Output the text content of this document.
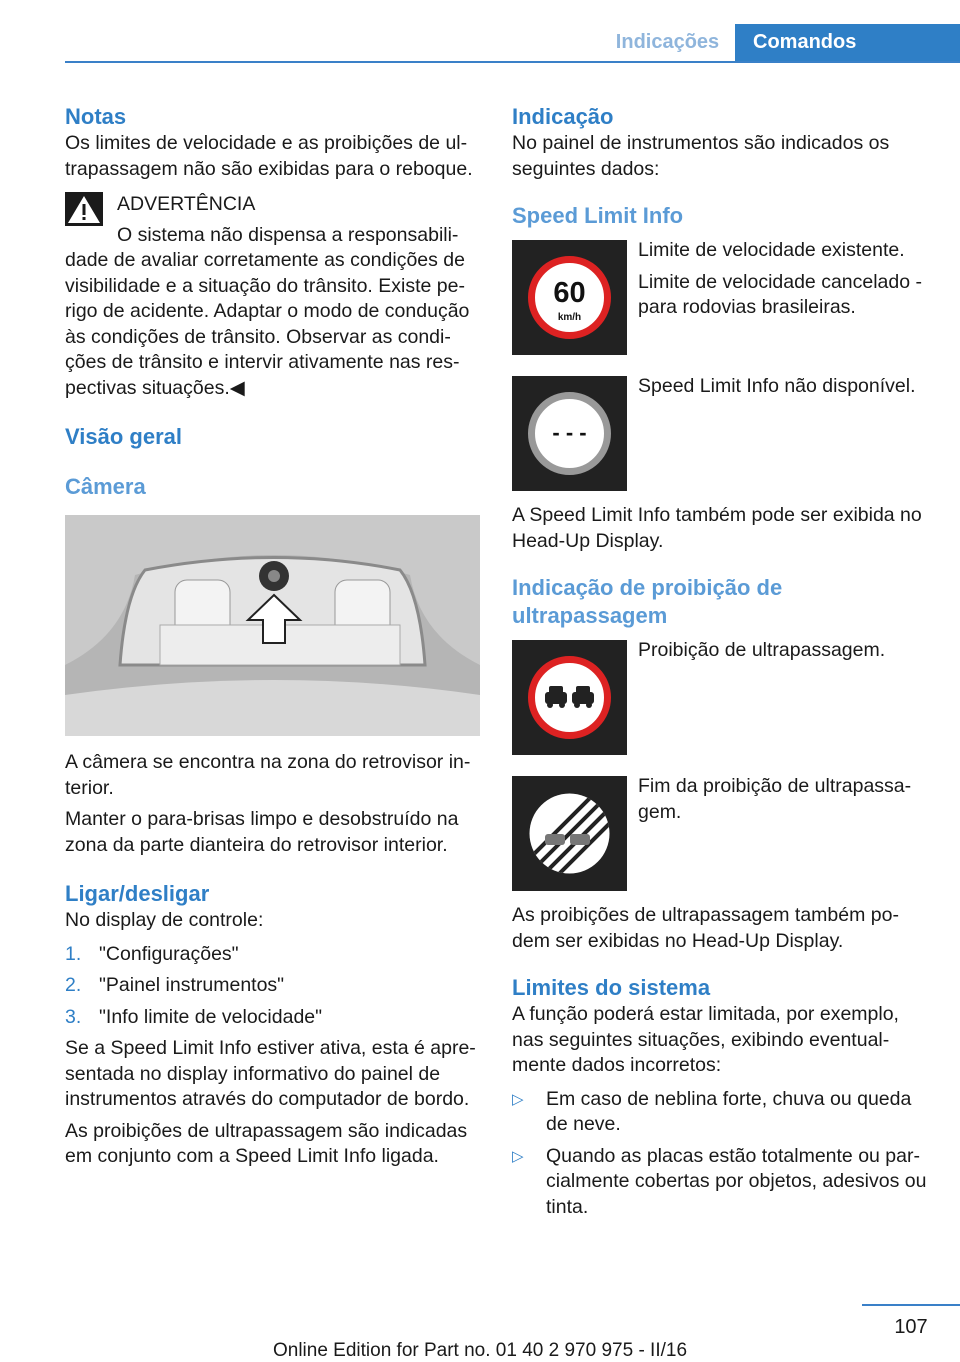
Indicações	Comandos
Notas

Os limites de velocidade e as proibições de ul-trapassagem não são exibidas para o reboque.

ADVERTÊNCIA

O sistema não dispensa a responsabili-dade de avaliar corretamente as condições de visibilidade e a situação do trânsito. Existe pe-rigo de acidente. Adaptar o modo de condução às condições de trânsito. Observar as condi-ções de trânsito e intervir ativamente nas res-pectivas situações.◀

Visão geral
Câmera

A câmera se encontra na zona do retrovisor in-terior.

Manter o para-brisas limpo e desobstruído na zona da parte dianteira do retrovisor interior.

Ligar/desligar

No display de controle:

1. "Configurações"
2. "Painel instrumentos"
3. "Info limite de velocidade"

Se a Speed Limit Info estiver ativa, esta é apre-sentada no display informativo do painel de instrumentos através do computador de bordo.

As proibições de ultrapassagem são indicadas em conjunto com a Speed Limit Info ligada.

Indicação

No painel de instrumentos são indicados os seguintes dados:

Speed Limit Info
60
km/h

Limite de velocidade existente.

Limite de velocidade cancelado - para rodovias brasileiras.

- - -

Speed Limit Info não disponível.

A Speed Limit Info também pode ser exibida no Head-Up Display.

Indicação de proibição de ultrapassagem

Proibição de ultrapassagem.

Fim da proibição de ultrapassa-gem.

As proibições de ultrapassagem também po-dem ser exibidas no Head-Up Display.

Limites do sistema

A função poderá estar limitada, por exemplo, nas seguintes situações, exibindo eventual-mente dados incorretos:

▷	Em caso de neblina forte, chuva ou queda de neve.
▷	Quando as placas estão totalmente ou par-cialmente cobertas por objetos, adesivos ou tinta.
107
Online Edition for Part no. 01 40 2 970 975 - II/16
